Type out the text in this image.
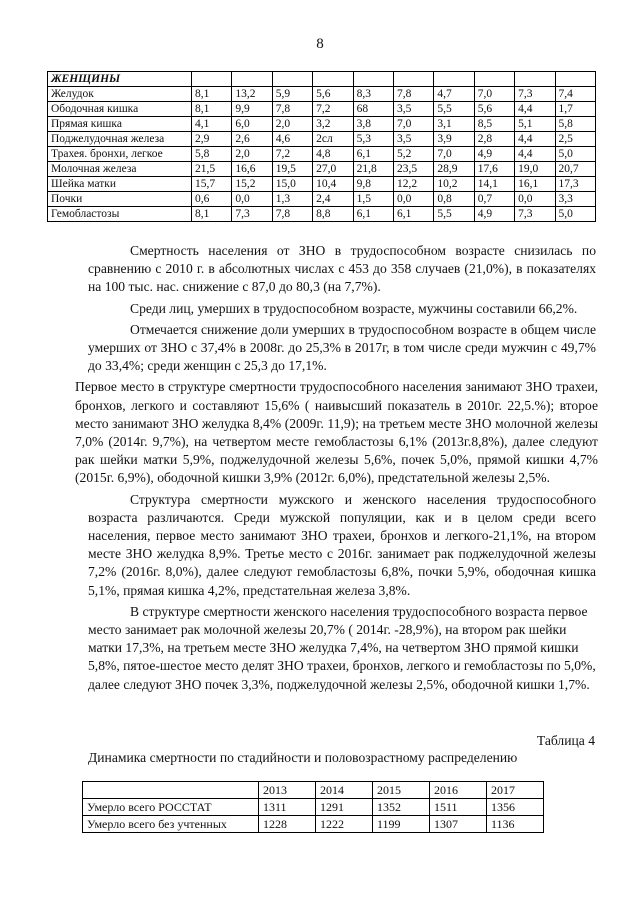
8
ЖЕНЩИНЫ										
Желудок	8,1	13,2	5,9	5,6	8,3	7,8	4,7	7,0	7,3	7,4
Ободочная кишка	8,1	9,9	7,8	7,2	68	3,5	5,5	5,6	4,4	1,7
Прямая кишка	4,1	6,0	2,0	3,2	3,8	7,0	3,1	8,5	5,1	5,8
Поджелудочная железа	2,9	2,6	4,6	2сл	5,3	3,5	3,9	2,8	4,4	2,5
Трахея. бронхи, легкое	5,8	2,0	7,2	4,8	6,1	5,2	7,0	4,9	4,4	5,0
Молочная железа	21,5	16,6	19,5	27,0	21,8	23,5	28,9	17,6	19,0	20,7
Шейка матки	15,7	15,2	15,0	10,4	9,8	12,2	10,2	14,1	16,1	17,3
Почки	0,6	0,0	1,3	2,4	1,5	0,0	0,8	0,7	0,0	3,3
Гемобластозы	8,1	7,3	7,8	8,8	6,1	6,1	5,5	4,9	7,3	5,0

Смертность населения от ЗНО в трудоспособном возрасте снизилась по сравнению с 2010 г. в абсолютных числах с 453 до 358 случаев (21,0%), в показателях на 100 тыс. нас. снижение с 87,0 до 80,3 (на 7,7%).

Среди лиц, умерших в трудоспособном возрасте, мужчины составили 66,2%.

Отмечается снижение доли умерших в трудоспособном возрасте в общем числе умерших от ЗНО с 37,4% в 2008г. до 25,3% в 2017г, в том числе среди мужчин с 49,7% до 33,4%; среди женщин с 25,3 до 17,1%.

Первое место в структуре смертности трудоспособного населения занимают ЗНО трахеи, бронхов, легкого и составляют 15,6% ( наивысший показатель в 2010г. 22,5.%); второе место занимают ЗНО желудка 8,4% (2009г. 11,9); на третьем месте ЗНО молочной железы 7,0% (2014г. 9,7%), на четвертом месте гемобластозы 6,1% (2013г.8,8%), далее следуют рак шейки матки 5,9%, поджелудочной железы 5,6%, почек 5,0%, прямой кишки 4,7% (2015г. 6,9%), ободочной кишки 3,9% (2012г. 6,0%), предстательной железы 2,5%.

Структура смертности мужского и женского населения трудоспособного возраста различаются. Среди мужской популяции, как и в целом среди всего населения, первое место занимают ЗНО трахеи, бронхов и легкого-21,1%, на втором месте ЗНО желудка 8,9%. Третье место с 2016г. занимает рак поджелудочной железы 7,2% (2016г. 8,0%), далее следуют гемобластозы 6,8%, почки 5,9%, ободочная кишка 5,1%, прямая кишка 4,2%, предстательная железа 3,8%.

В структуре смертности женского населения трудоспособного возраста первое место занимает рак молочной железы 20,7% ( 2014г. -28,9%), на втором рак шейки матки 17,3%, на третьем месте ЗНО желудка 7,4%, на четвертом ЗНО прямой кишки 5,8%, пятое-шестое место делят ЗНО трахеи, бронхов, легкого и гемобластозы по 5,0%, далее следуют ЗНО почек 3,3%, поджелудочной железы 2,5%, ободочной кишки 1,7%.

Таблица 4
Динамика смертности по стадийности и половозрастному распределению
	2013	2014	2015	2016	2017
Умерло всего РОССТАТ	1311	1291	1352	1511	1356
Умерло всего без учтенных	1228	1222	1199	1307	1136
